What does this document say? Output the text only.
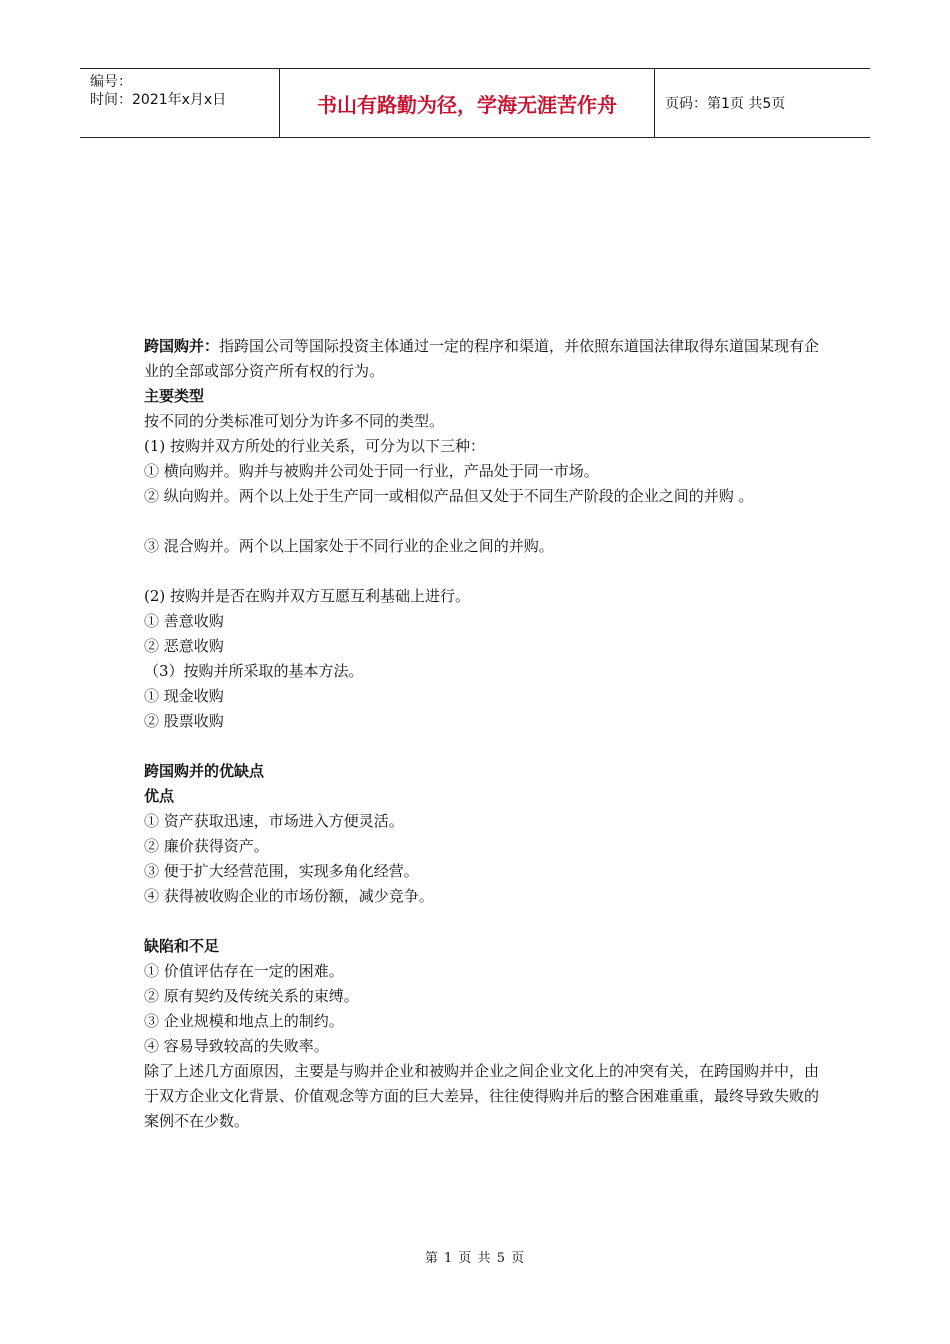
编号：
时间：2021年x月x日	书山有路勤为径，学海无涯苦作舟	页码：第1页 共5页

跨国购并：指跨国公司等国际投资主体通过一定的程序和渠道，并依照东道国法律取得东道国某现有企业的全部或部分资产所有权的行为。

主要类型

按不同的分类标准可划分为许多不同的类型。

(1) 按购并双方所处的行业关系，可分为以下三种：

① 横向购并。购并与被购并公司处于同一行业，产品处于同一市场。

② 纵向购并。两个以上处于生产同一或相似产品但又处于不同生产阶段的企业之间的并购 。

③ 混合购并。两个以上国家处于不同行业的企业之间的并购。

(2) 按购并是否在购并双方互愿互利基础上进行。

① 善意收购

② 恶意收购

（3）按购并所采取的基本方法。

① 现金收购

② 股票收购

跨国购并的优缺点

优点

① 资产获取迅速，市场进入方便灵活。

② 廉价获得资产。

③ 便于扩大经营范围，实现多角化经营。

④ 获得被收购企业的市场份额，减少竞争。

缺陷和不足

① 价值评估存在一定的困难。

② 原有契约及传统关系的束缚。

③ 企业规模和地点上的制约。

④ 容易导致较高的失败率。

除了上述几方面原因，主要是与购并企业和被购并企业之间企业文化上的冲突有关，在跨国购并中，由于双方企业文化背景、价值观念等方面的巨大差异，往往使得购并后的整合困难重重，最终导致失败的案例不在少数。

第 1 页 共 5 页
